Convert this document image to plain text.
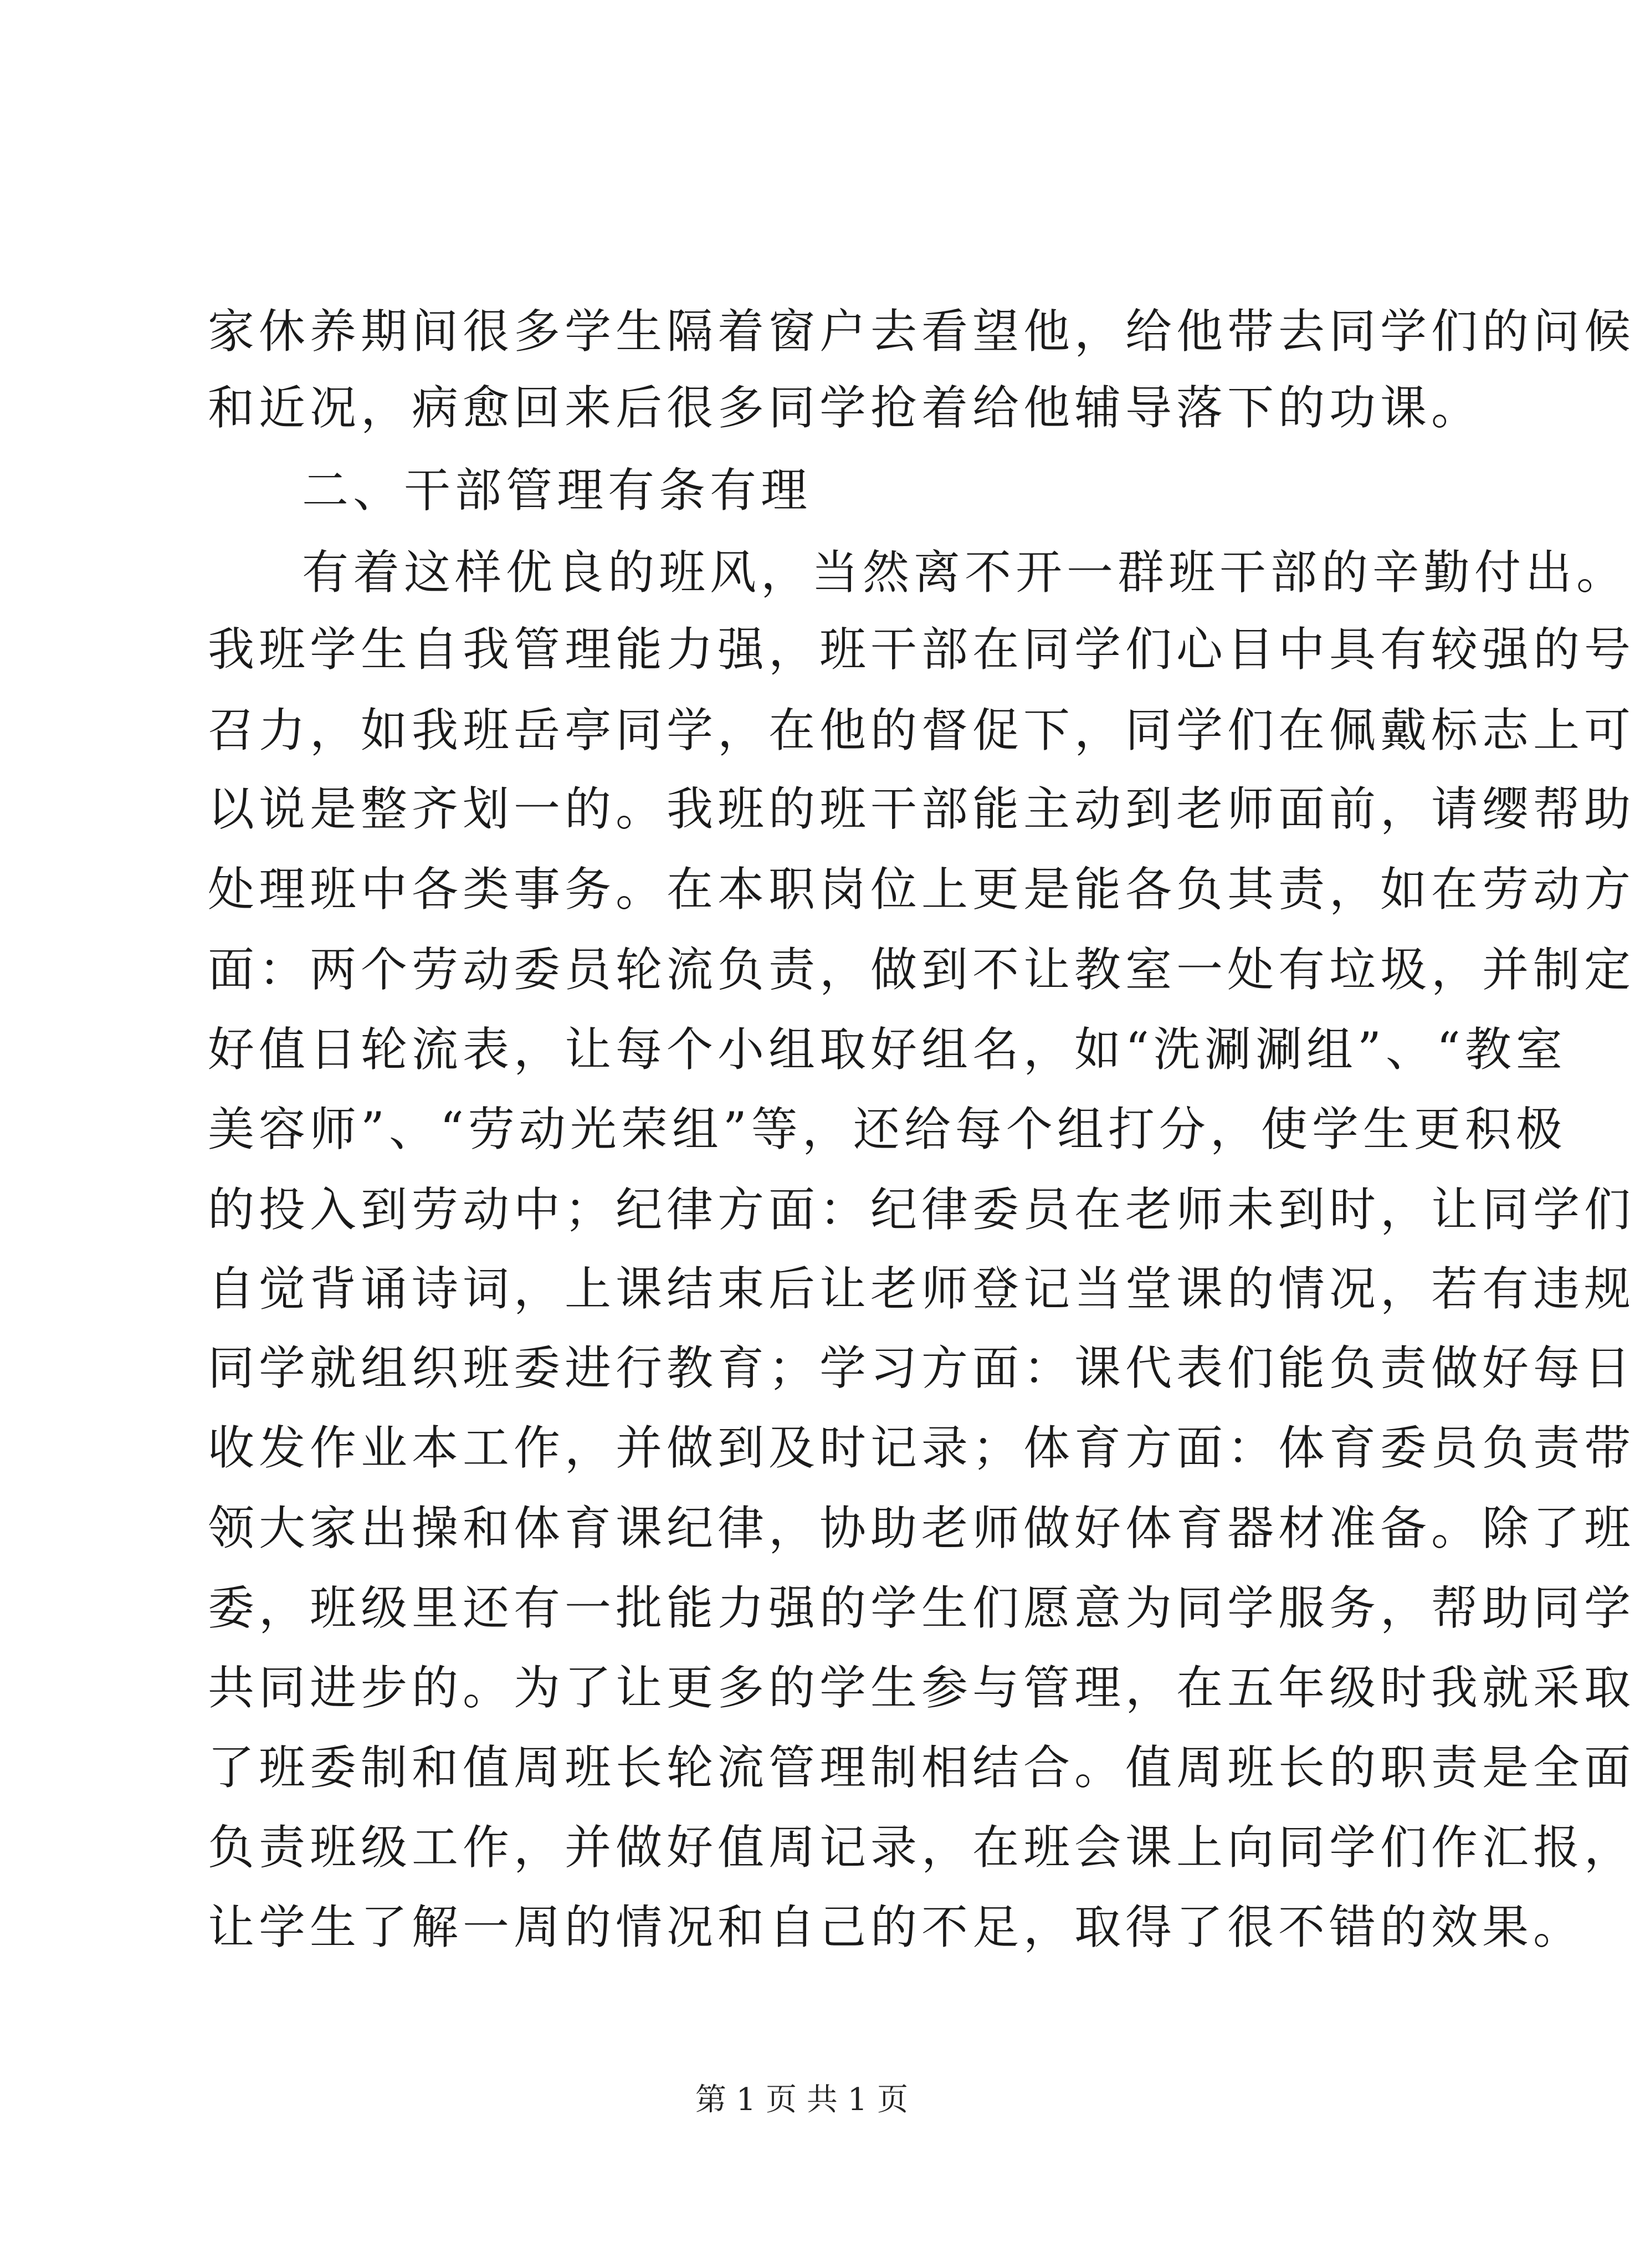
家休养期间很多学生隔着窗户去看望他，给他带去同学们的问候
和近况，病愈回来后很多同学抢着给他辅导落下的功课。
二、干部管理有条有理
有着这样优良的班风，当然离不开一群班干部的辛勤付出。
我班学生自我管理能力强，班干部在同学们心目中具有较强的号
召力，如我班岳亭同学，在他的督促下，同学们在佩戴标志上可
以说是整齐划一的。我班的班干部能主动到老师面前，请缨帮助
处理班中各类事务。在本职岗位上更是能各负其责，如在劳动方
面：两个劳动委员轮流负责，做到不让教室一处有垃圾，并制定
好值日轮流表，让每个小组取好组名，如“洗涮涮组”、“教室
美容师”、“劳动光荣组”等，还给每个组打分，使学生更积极
的投入到劳动中；纪律方面：纪律委员在老师未到时，让同学们
自觉背诵诗词，上课结束后让老师登记当堂课的情况，若有违规
同学就组织班委进行教育；学习方面：课代表们能负责做好每日
收发作业本工作，并做到及时记录；体育方面：体育委员负责带
领大家出操和体育课纪律，协助老师做好体育器材准备。除了班
委，班级里还有一批能力强的学生们愿意为同学服务，帮助同学
共同进步的。为了让更多的学生参与管理，在五年级时我就采取
了班委制和值周班长轮流管理制相结合。值周班长的职责是全面
负责班级工作，并做好值周记录，在班会课上向同学们作汇报，
让学生了解一周的情况和自己的不足，取得了很不错的效果。
第 1 页 共 1 页
